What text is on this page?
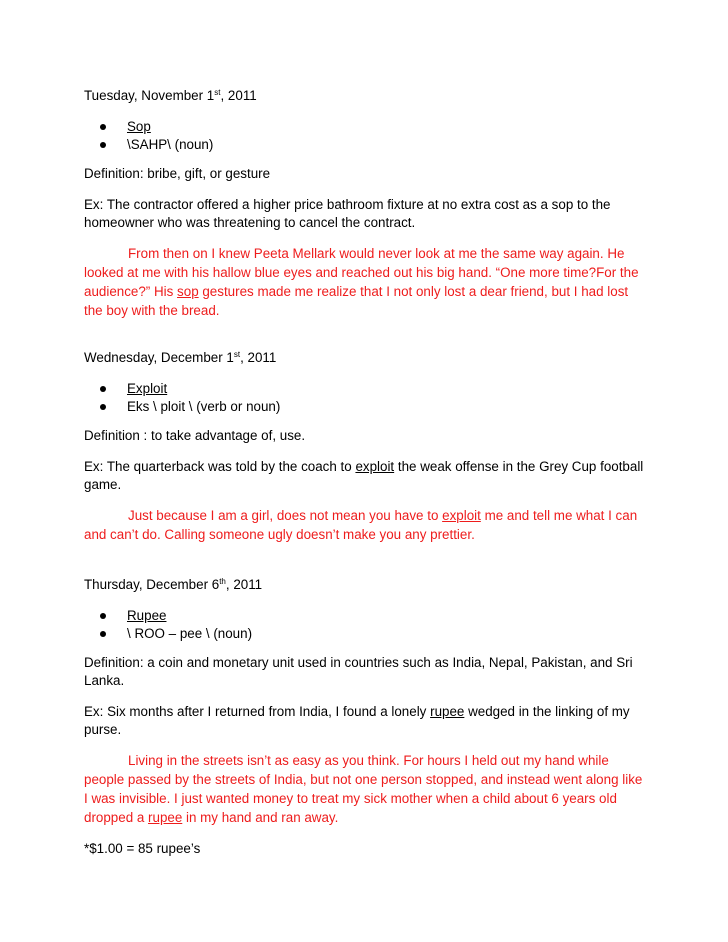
Tuesday, November 1st, 2011

Sop
\SAHP\ (noun)

Definition: bribe, gift, or gesture

Ex: The contractor offered a higher price bathroom fixture at no extra cost as a sop to the homeowner who was threatening to cancel the contract.

From then on I knew Peeta Mellark would never look at me the same way again. He looked at me with his hallow blue eyes and reached out his big hand. “One more time?For the audience?” His sop gestures made me realize that I not only lost a dear friend, but I had lost the boy with the bread.

Wednesday, December 1st, 2011

Exploit
Eks \ ploit \ (verb or noun)

Definition : to take advantage of, use.

Ex: The quarterback was told by the coach to exploit the weak offense in the Grey Cup football game.

Just because I am a girl, does not mean you have to exploit me and tell me what I can and can’t do. Calling someone ugly doesn’t make you any prettier.

Thursday, December 6th, 2011

Rupee
\ ROO – pee \ (noun)

Definition: a coin and monetary unit used in countries such as India, Nepal, Pakistan, and Sri Lanka.

Ex: Six months after I returned from India, I found a lonely rupee wedged in the linking of my purse.

Living in the streets isn’t as easy as you think. For hours I held out my hand while people passed by the streets of India, but not one person stopped, and instead went along like I was invisible. I just wanted money to treat my sick mother when a child about 6 years old dropped a rupee in my hand and ran away.

*$1.00 = 85 rupee’s
